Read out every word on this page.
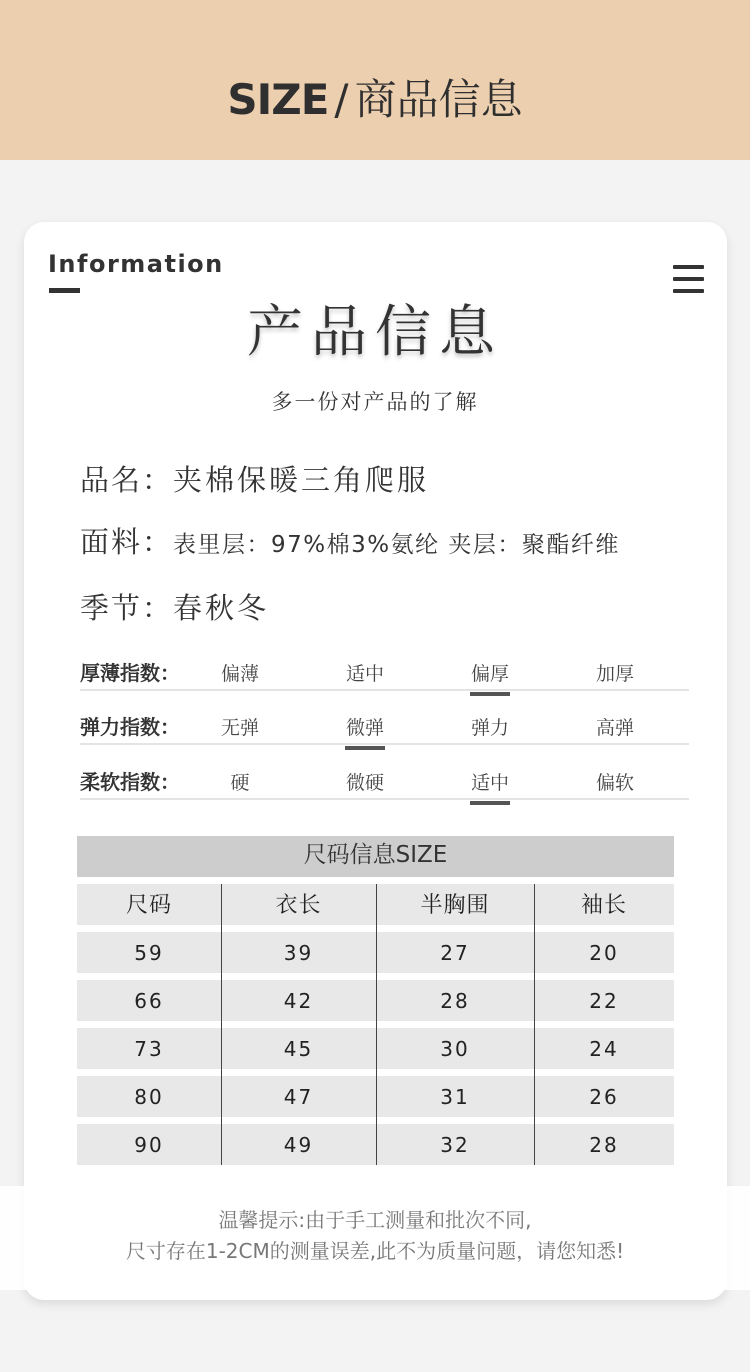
SIZE / 商品信息
Information
产品信息
多一份对产品的了解
品名：夹棉保暖三角爬服
面料：表里层：97%棉3%氨纶 夹层：聚酯纤维
季节：春秋冬
厚薄指数：	偏薄	适中	偏厚	加厚
弹力指数：	无弹	微弹	弹力	高弹
柔软指数：	硬	微硬	适中	偏软
尺码信息SIZE
尺码	衣长	半胸围	袖长
59	39	27	20
66	42	28	22
73	45	30	24
80	47	31	26
90	49	32	28
温馨提示:由于手工测量和批次不同,
尺寸存在1-2CM的测量误差,此不为质量问题，请您知悉!
